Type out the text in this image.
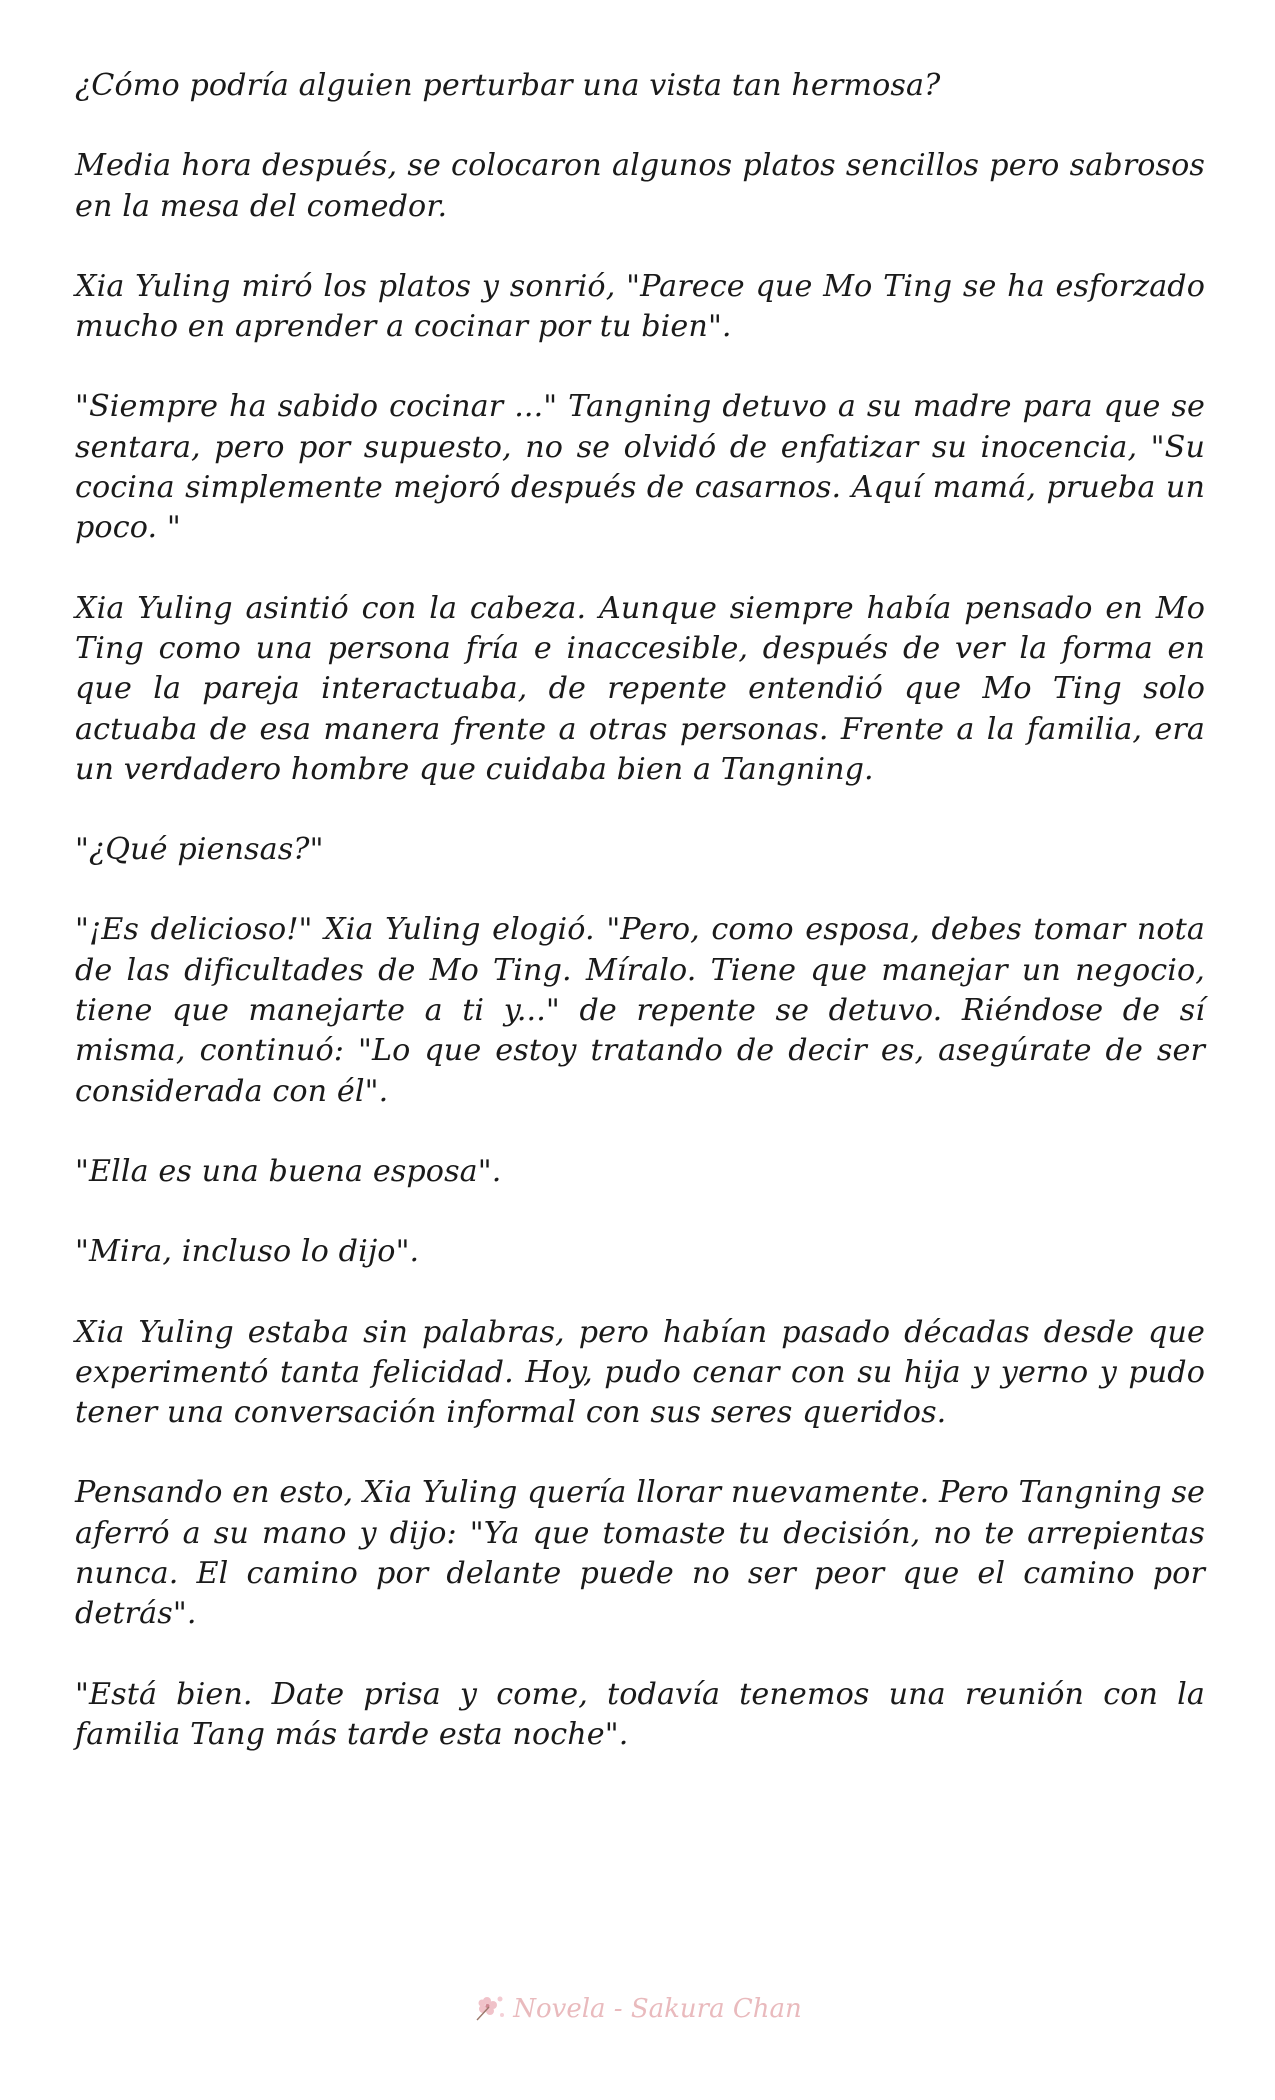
¿Cómo podría alguien perturbar una vista tan hermosa?

Media hora después, se colocaron algunos platos sencillos pero sabrosos en la mesa del comedor.

Xia Yuling miró los platos y sonrió, "Parece que Mo Ting se ha esforzado mucho en aprender a cocinar por tu bien".

"Siempre ha sabido cocinar ..." Tangning detuvo a su madre para que se sentara, pero por supuesto, no se olvidó de enfatizar su inocencia, "Su cocina simplemente mejoró después de casarnos. Aquí mamá, prueba un poco. "

Xia Yuling asintió con la cabeza. Aunque siempre había pensado en Mo Ting como una persona fría e inaccesible, después de ver la forma en que la pareja interactuaba, de repente entendió que Mo Ting solo actuaba de esa manera frente a otras personas. Frente a la familia, era un verdadero hombre que cuidaba bien a Tangning.

"¿Qué piensas?"

"¡Es delicioso!" Xia Yuling elogió. "Pero, como esposa, debes tomar nota de las dificultades de Mo Ting. Míralo. Tiene que manejar un negocio, tiene que manejarte a ti y..." de repente se detuvo. Riéndose de sí misma, continuó: "Lo que estoy tratando de decir es, asegúrate de ser considerada con él".

"Ella es una buena esposa".

"Mira, incluso lo dijo".

Xia Yuling estaba sin palabras, pero habían pasado décadas desde que experimentó tanta felicidad. Hoy, pudo cenar con su hija y yerno y pudo tener una conversación informal con sus seres queridos.

Pensando en esto, Xia Yuling quería llorar nuevamente. Pero Tangning se aferró a su mano y dijo: "Ya que tomaste tu decisión, no te arrepientas nunca. El camino por delante puede no ser peor que el camino por detrás".

"Está bien. Date prisa y come, todavía tenemos una reunión con la familia Tang más tarde esta noche".

Novela - Sakura Chan
